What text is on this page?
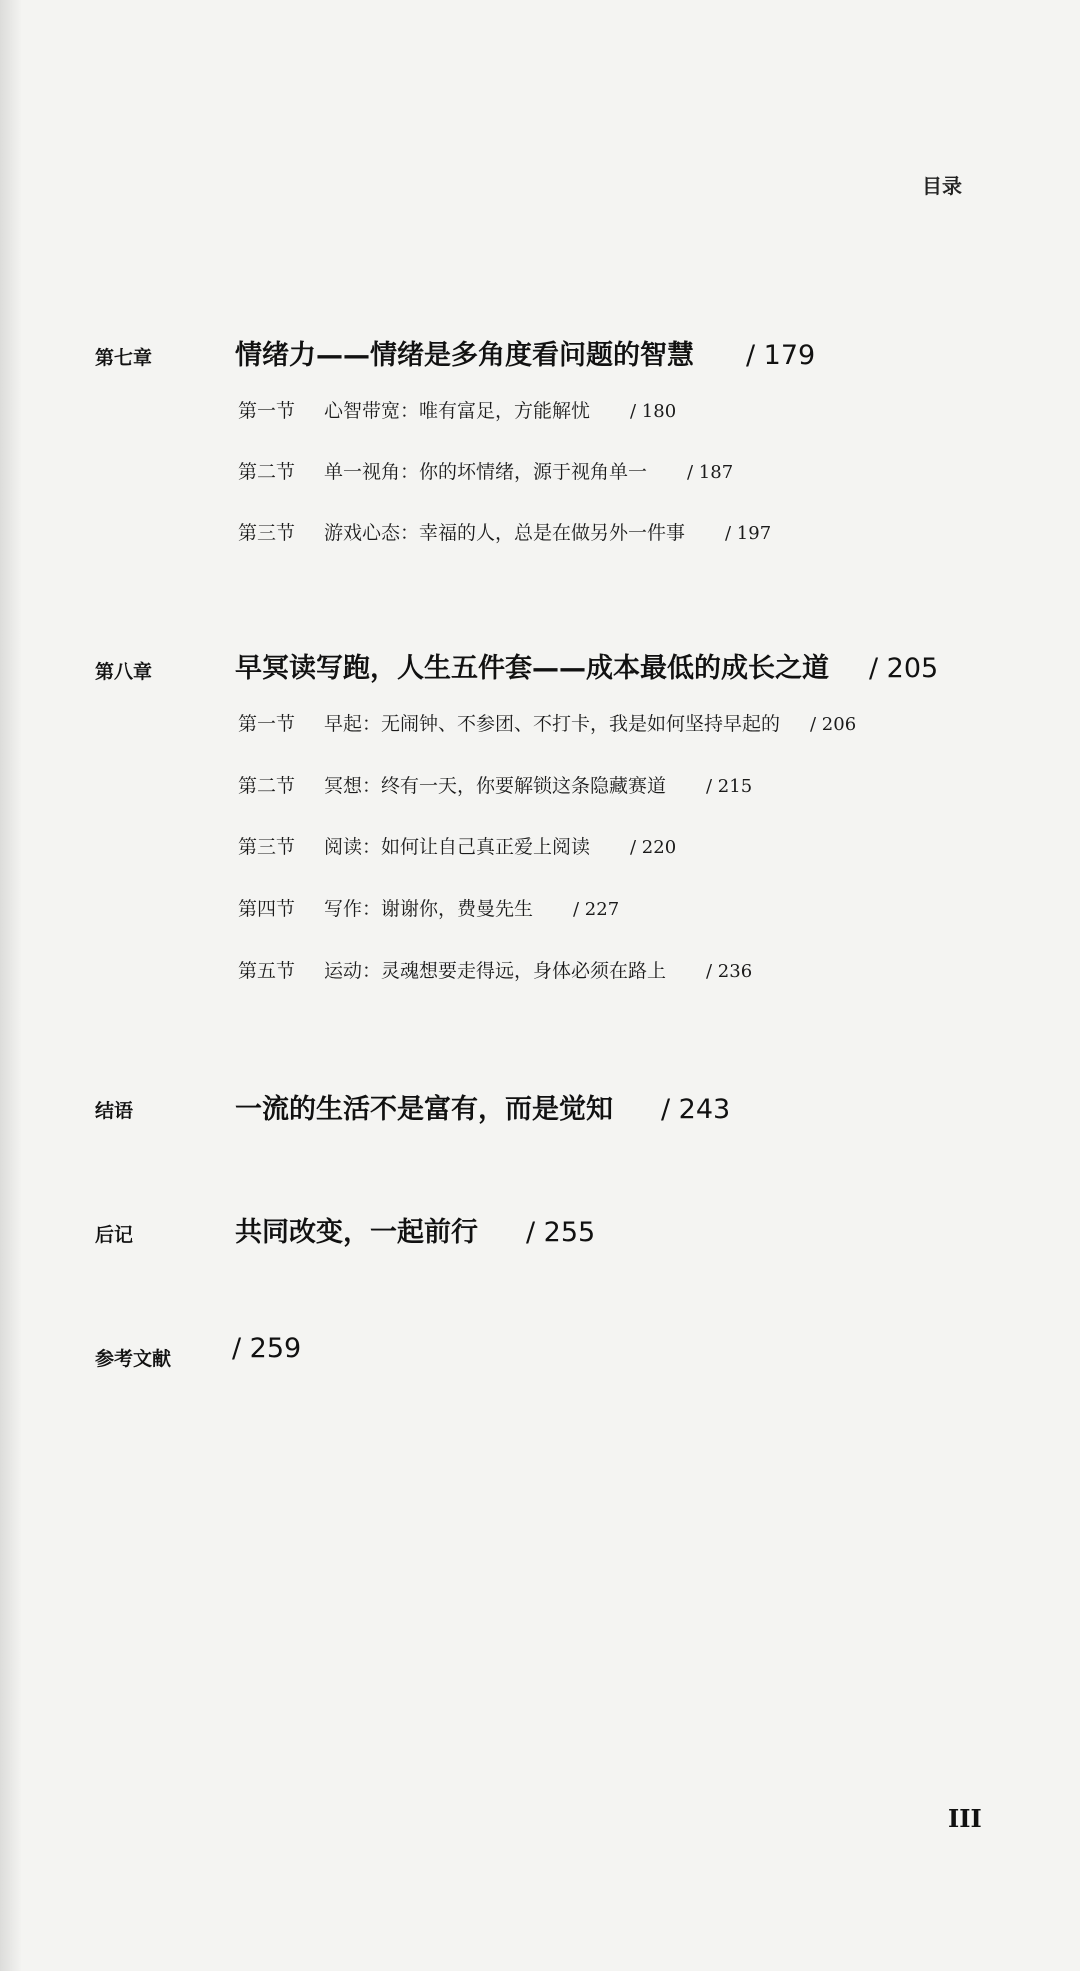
目录
第七章	情绪力——情绪是多角度看问题的智慧 / 179
第一节 心智带宽：唯有富足，方能解忧 / 180
第二节 单一视角：你的坏情绪，源于视角单一 / 187
第三节 游戏心态：幸福的人，总是在做另外一件事 / 197
第八章	早冥读写跑，人生五件套——成本最低的成长之道 / 205
第一节 早起：无闹钟、不参团、不打卡，我是如何坚持早起的 / 206
第二节 冥想：终有一天，你要解锁这条隐藏赛道 / 215
第三节 阅读：如何让自己真正爱上阅读 / 220
第四节 写作：谢谢你，费曼先生 / 227
第五节 运动：灵魂想要走得远，身体必须在路上 / 236
结语	一流的生活不是富有，而是觉知 / 243
后记	共同改变，一起前行 / 255
参考文献 / 259
III
